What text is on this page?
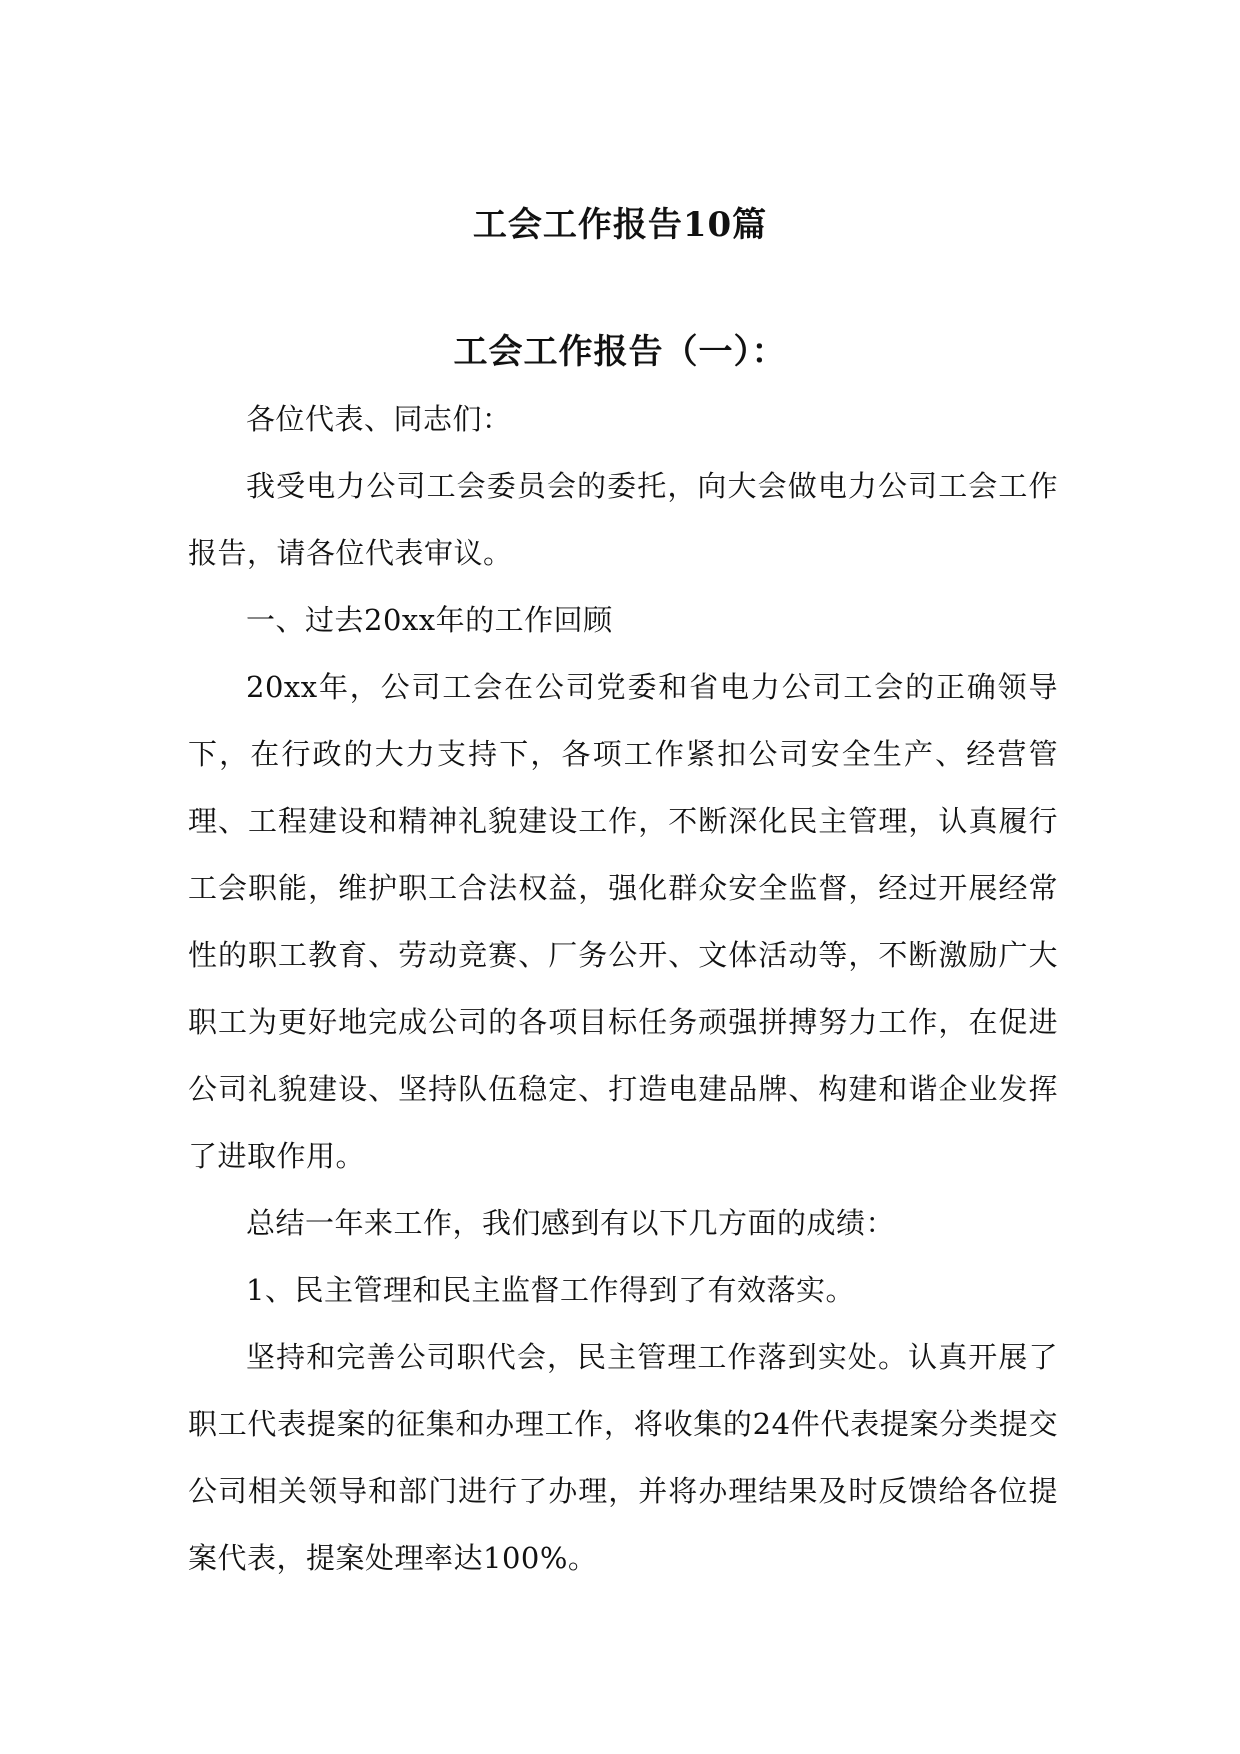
工会工作报告10篇
工会工作报告（一）：

各位代表、同志们：

我受电力公司工会委员会的委托，向大会做电力公司工会工作报告，请各位代表审议。

一、过去20xx年的工作回顾

20xx年，公司工会在公司党委和省电力公司工会的正确领导下，在行政的大力支持下，各项工作紧扣公司安全生产、经营管理、工程建设和精神礼貌建设工作，不断深化民主管理，认真履行工会职能，维护职工合法权益，强化群众安全监督，经过开展经常性的职工教育、劳动竞赛、厂务公开、文体活动等，不断激励广大职工为更好地完成公司的各项目标任务顽强拼搏努力工作，在促进公司礼貌建设、坚持队伍稳定、打造电建品牌、构建和谐企业发挥了进取作用。

总结一年来工作，我们感到有以下几方面的成绩：

1、民主管理和民主监督工作得到了有效落实。

坚持和完善公司职代会，民主管理工作落到实处。认真开展了职工代表提案的征集和办理工作，将收集的24件代表提案分类提交公司相关领导和部门进行了办理，并将办理结果及时反馈给各位提案代表，提案处理率达100%。
